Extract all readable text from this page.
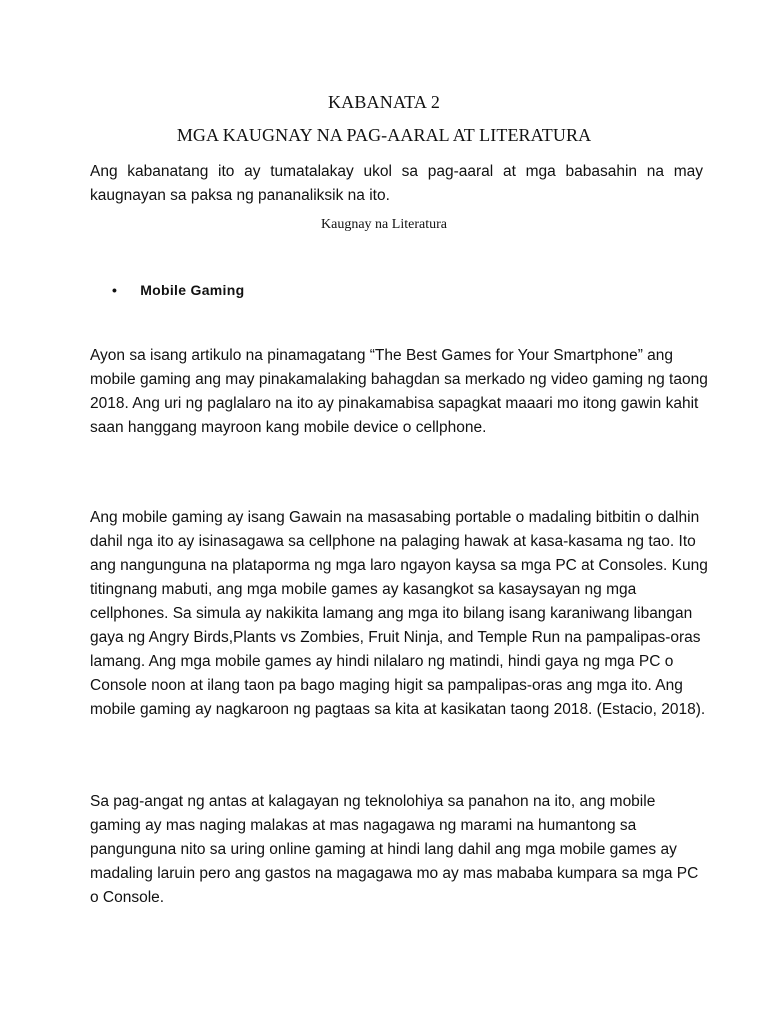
KABANATA 2
MGA KAUGNAY NA PAG-AARAL AT LITERATURA
Ang kabanatang ito ay tumatalakay ukol sa pag-aaral at mga babasahin na may kaugnayan sa paksa ng pananaliksik na ito.
Kaugnay na Literatura
• Mobile Gaming
Ayon sa isang artikulo na pinamagatang “The Best Games for Your Smartphone” ang mobile gaming ang may pinakamalaking bahagdan sa merkado ng video gaming ng taong 2018. Ang uri ng paglalaro na ito ay pinakamabisa sapagkat maaari mo itong gawin kahit saan hanggang mayroon kang mobile device o cellphone.
Ang mobile gaming ay isang Gawain na masasabing portable o madaling bitbitin o dalhin dahil nga ito ay isinasagawa sa cellphone na palaging hawak at kasa-kasama ng tao. Ito ang nangunguna na plataporma ng mga laro ngayon kaysa sa mga PC at Consoles. Kung titingnang mabuti, ang mga mobile games ay kasangkot sa kasaysayan ng mga cellphones. Sa simula ay nakikita lamang ang mga ito bilang isang karaniwang libangan gaya ng Angry Birds,Plants vs Zombies, Fruit Ninja, and Temple Run na pampalipas-oras lamang. Ang mga mobile games ay hindi nilalaro ng matindi, hindi gaya ng mga PC o Console noon at ilang taon pa bago maging higit sa pampalipas-oras ang mga ito. Ang mobile gaming ay nagkaroon ng pagtaas sa kita at kasikatan taong 2018. (Estacio, 2018).
Sa pag-angat ng antas at kalagayan ng teknolohiya sa panahon na ito, ang mobile gaming ay mas naging malakas at mas nagagawa ng marami na humantong sa pangunguna nito sa uring online gaming at hindi lang dahil ang mga mobile games ay madaling laruin pero ang gastos na magagawa mo ay mas mababa kumpara sa mga PC o Console.
